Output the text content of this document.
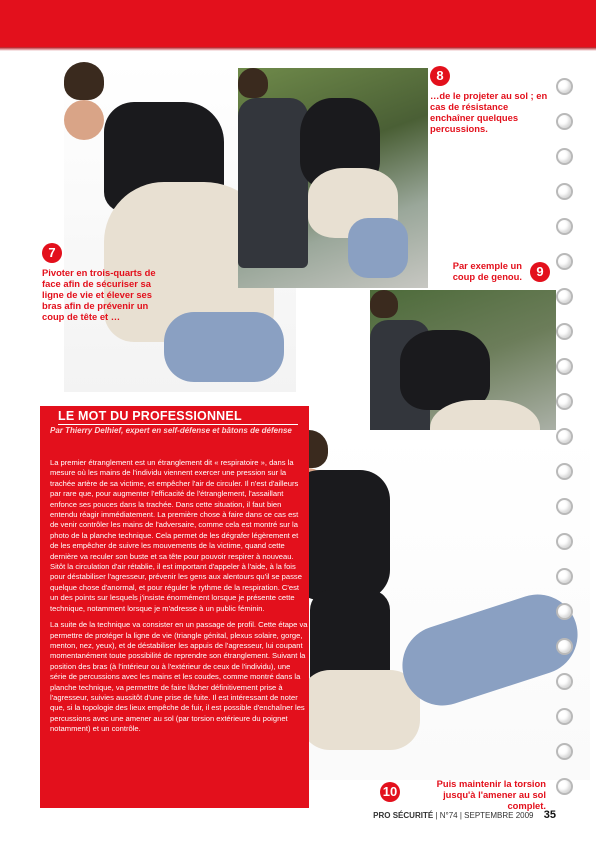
7
Pivoter en trois-quarts de face afin de sécuriser sa ligne de vie et élever ses bras afin de prévenir un coup de tête et …
8
…de le projeter au sol ; en cas de résistance enchaîner quelques percussions.
Par exemple un coup de genou.	9
10
Puis maintenir la torsion jusqu'à l'amener au sol complet.
LE MOT DU PROFESSIONNEL
Par Thierry Delhief, expert en self-défense et bâtons de défense

La premier étranglement est un étranglement dit « respiratoire », dans la mesure où les mains de l'individu viennent exercer une pression sur la trachée artère de sa victime, et empêcher l'air de circuler. Il n'est d'ailleurs par rare que, pour augmenter l'efficacité de l'étranglement, l'assaillant enfonce ses pouces dans la trachée. Dans cette situation, il faut bien entendu réagir immédiatement. La première chose à faire dans ce cas est de venir contrôler les mains de l'adversaire, comme cela est montré sur la photo de la planche technique. Cela permet de les dégrafer légèrement et de les empêcher de suivre les mouvements de la victime, quand cette dernière va reculer son buste et sa tête pour pouvoir respirer à nouveau. Sitôt la circulation d'air rétablie, il est important d'appeler à l'aide, à la fois pour déstabiliser l'agresseur, prévenir les gens aux alentours qu'il se passe quelque chose d'anormal, et pour réguler le rythme de la respiration. C'est un des points sur lesquels j'insiste énormément lorsque je présente cette technique, notamment lorsque je m'adresse à un public féminin.

La suite de la technique va consister en un passage de profil. Cette étape va permettre de protéger la ligne de vie (triangle génital, plexus solaire, gorge, menton, nez, yeux), et de déstabiliser les appuis de l'agresseur, lui coupant momentanément toute possibilité de reprendre son étranglement. Suivant la position des bras (à l'intérieur ou à l'extérieur de ceux de l'individu), une série de percussions avec les mains et les coudes, comme montré dans la planche technique, va permettre de faire lâcher définitivement prise à l'agresseur, suivies aussitôt d'une prise de fuite. Il est intéressant de noter que, si la topologie des lieux empêche de fuir, il est possible d'enchaîner les percussions avec une amener au sol (par torsion extérieure du poignet notamment) et un contrôle.

PRO SÉCURITÉ | N°74 | SEPTEMBRE 2009 35
